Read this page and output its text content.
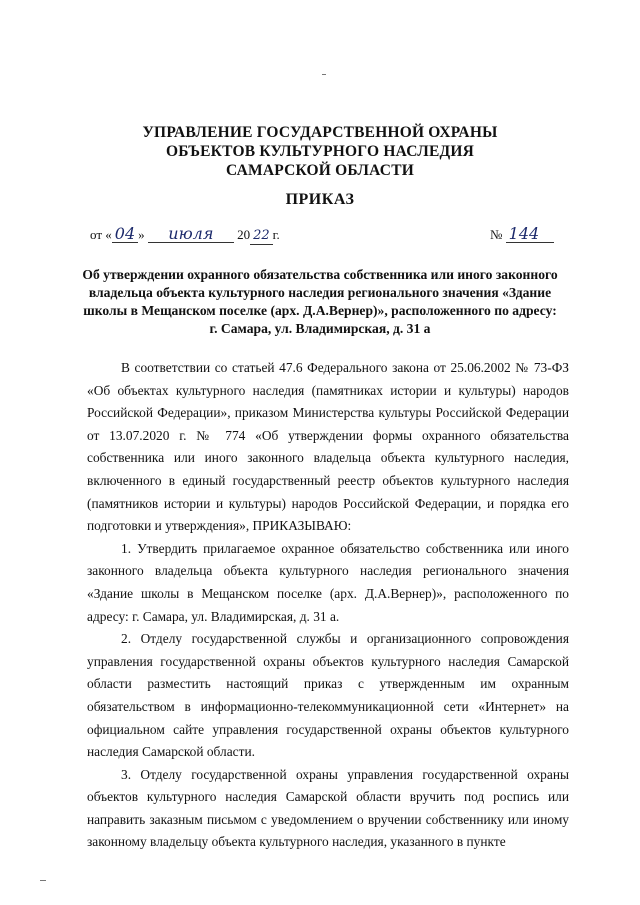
УПРАВЛЕНИЕ ГОСУДАРСТВЕННОЙ ОХРАНЫ
ОБЪЕКТОВ КУЛЬТУРНОГО НАСЛЕДИЯ
САМАРСКОЙ ОБЛАСТИ
ПРИКАЗ
от « 04 » июля 20 22 г.	№ 144
Об утверждении охранного обязательства собственника или иного законного
владельца объекта культурного наследия регионального значения «Здание
школы в Мещанском поселке (арх. Д.А.Вернер)», расположенного по адресу:
г. Самара, ул. Владимирская, д. 31 а

В соответствии со статьей 47.6 Федерального закона от 25.06.2002 № 73-ФЗ «Об объектах культурного наследия (памятниках истории и культуры) народов Российской Федерации», приказом Министерства культуры Российской Федерации от 13.07.2020 г. № 774 «Об утверждении формы охранного обязательства собственника или иного законного владельца объекта культурного наследия, включенного в единый государственный реестр объектов культурного наследия (памятников истории и культуры) народов Российской Федерации, и порядка его подготовки и утверждения», ПРИКАЗЫВАЮ:

1. Утвердить прилагаемое охранное обязательство собственника или иного законного владельца объекта культурного наследия регионального значения «Здание школы в Мещанском поселке (арх. Д.А.Вернер)», расположенного по адресу: г. Самара, ул. Владимирская, д. 31 а.

2. Отделу государственной службы и организационного сопровождения управления государственной охраны объектов культурного наследия Самарской области разместить настоящий приказ с утвержденным им охранным обязательством в информационно-телекоммуникационной сети «Интернет» на официальном сайте управления государственной охраны объектов культурного наследия Самарской области.

3. Отделу государственной охраны управления государственной охраны объектов культурного наследия Самарской области вручить под роспись или направить заказным письмом с уведомлением о вручении собственнику или иному законному владельцу объекта культурного наследия, указанного в пункте
